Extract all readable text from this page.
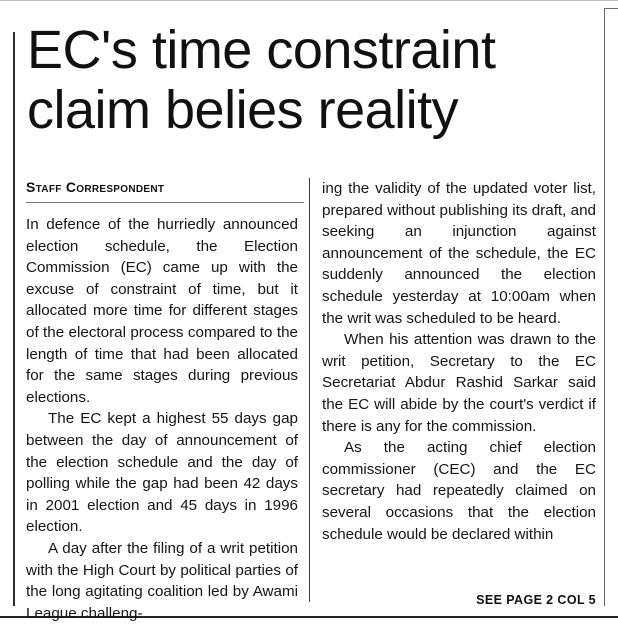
EC's time constraint claim belies reality
Staff Correspondent

In defence of the hurriedly announced election schedule, the Election Commission (EC) came up with the excuse of constraint of time, but it allocated more time for different stages of the electoral process compared to the length of time that had been allocated for the same stages during previous elections.

The EC kept a highest 55 days gap between the day of announcement of the election schedule and the day of polling while the gap had been 42 days in 2001 election and 45 days in 1996 election.

A day after the filing of a writ petition with the High Court by political parties of the long agitating coalition led by Awami League challeng-

ing the validity of the updated voter list, prepared without publishing its draft, and seeking an injunction against announcement of the schedule, the EC suddenly announced the election schedule yesterday at 10:00am when the writ was scheduled to be heard.

When his attention was drawn to the writ petition, Secretary to the EC Secretariat Abdur Rashid Sarkar said the EC will abide by the court's verdict if there is any for the commission.

As the acting chief election commissioner (CEC) and the EC secretary had repeatedly claimed on several occasions that the election schedule would be declared within

SEE PAGE 2 COL 5
